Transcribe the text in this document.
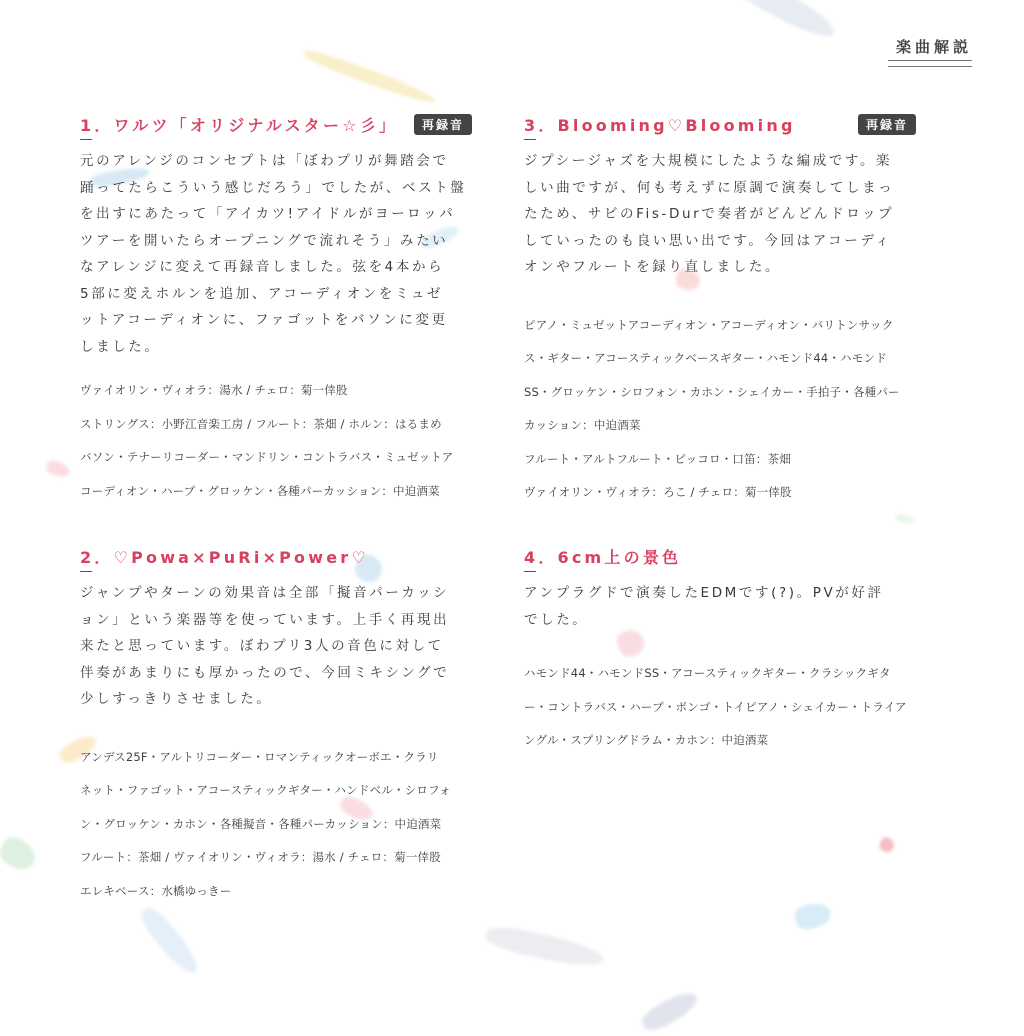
楽曲解説
1．ワルツ「オリジナルスター☆彡」	再録音

元のアレンジのコンセプトは「ぼわプリが舞踏会で

踊ってたらこういう感じだろう」でしたが、ベスト盤

を出すにあたって「アイカツ!アイドルがヨーロッパ

ツアーを開いたらオープニングで流れそう」みたい

なアレンジに変えて再録音しました。弦を4本から

5部に変えホルンを追加、アコーディオンをミュゼ

ットアコーディオンに、ファゴットをバソンに変更

しました。

ヴァイオリン・ヴィオラ：湯水 / チェロ：菊一倖股

ストリングス：小野江音楽工房 / フルート：茶畑 / ホルン：はるまめ

バソン・テナーリコーダー・マンドリン・コントラバス・ミュゼットア

コーディオン・ハープ・グロッケン・各種パーカッション：中迫酒菜

3．Blooming♡Blooming	再録音

ジプシージャズを大規模にしたような編成です。楽

しい曲ですが、何も考えずに原調で演奏してしまっ

たため、サビのFis-Durで奏者がどんどんドロップ

していったのも良い思い出です。今回はアコーディ

オンやフルートを録り直しました。

ピアノ・ミュゼットアコーディオン・アコーディオン・バリトンサック

ス・ギター・アコースティックベースギター・ハモンド44・ハモンド

SS・グロッケン・シロフォン・カホン・シェイカー・手拍子・各種パー

カッション：中迫酒菜

フルート・アルトフルート・ピッコロ・口笛：茶畑

ヴァイオリン・ヴィオラ：ろこ / チェロ：菊一倖股

2．♡Powa×PuRi×Power♡

ジャンプやターンの効果音は全部「擬音パーカッシ

ョン」という楽器等を使っています。上手く再現出

来たと思っています。ぼわプリ3人の音色に対して

伴奏があまりにも厚かったので、今回ミキシングで

少しすっきりさせました。

アンデス25F・アルトリコーダー・ロマンティックオーボエ・クラリ

ネット・ファゴット・アコースティックギター・ハンドベル・シロフォ

ン・グロッケン・カホン・各種擬音・各種パーカッション：中迫酒菜

フルート：茶畑 / ヴァイオリン・ヴィオラ：湯水 / チェロ：菊一倖股

エレキベース：水橋ゆっきー

4．6cm上の景色

アンプラグドで演奏したEDMです(?)。PVが好評

でした。

ハモンド44・ハモンドSS・アコースティックギター・クラシックギタ

ー・コントラバス・ハープ・ボンゴ・トイピアノ・シェイカー・トライア

ングル・スプリングドラム・カホン：中迫酒菜
